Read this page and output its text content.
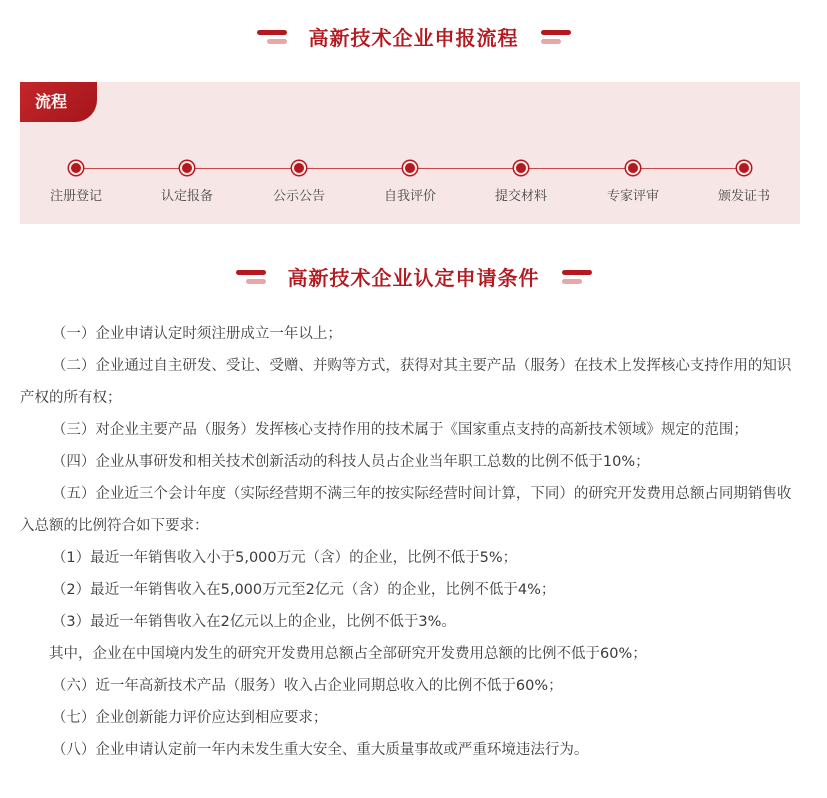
高新技术企业申报流程
流程
注册登记	认定报备	公示公告	自我评价	提交材料	专家评审	颁发证书
高新技术企业认定申请条件

（一）企业申请认定时须注册成立一年以上；

（二）企业通过自主研发、受让、受赠、并购等方式，获得对其主要产品（服务）在技术上发挥核心支持作用的知识产权的所有权；

（三）对企业主要产品（服务）发挥核心支持作用的技术属于《国家重点支持的高新技术领域》规定的范围；

（四）企业从事研发和相关技术创新活动的科技人员占企业当年职工总数的比例不低于10%；

（五）企业近三个会计年度（实际经营期不满三年的按实际经营时间计算，下同）的研究开发费用总额占同期销售收入总额的比例符合如下要求：

（1）最近一年销售收入小于5,000万元（含）的企业，比例不低于5%；

（2）最近一年销售收入在5,000万元至2亿元（含）的企业，比例不低于4%；

（3）最近一年销售收入在2亿元以上的企业，比例不低于3%。

其中，企业在中国境内发生的研究开发费用总额占全部研究开发费用总额的比例不低于60%；

（六）近一年高新技术产品（服务）收入占企业同期总收入的比例不低于60%；

（七）企业创新能力评价应达到相应要求；

（八）企业申请认定前一年内未发生重大安全、重大质量事故或严重环境违法行为。
